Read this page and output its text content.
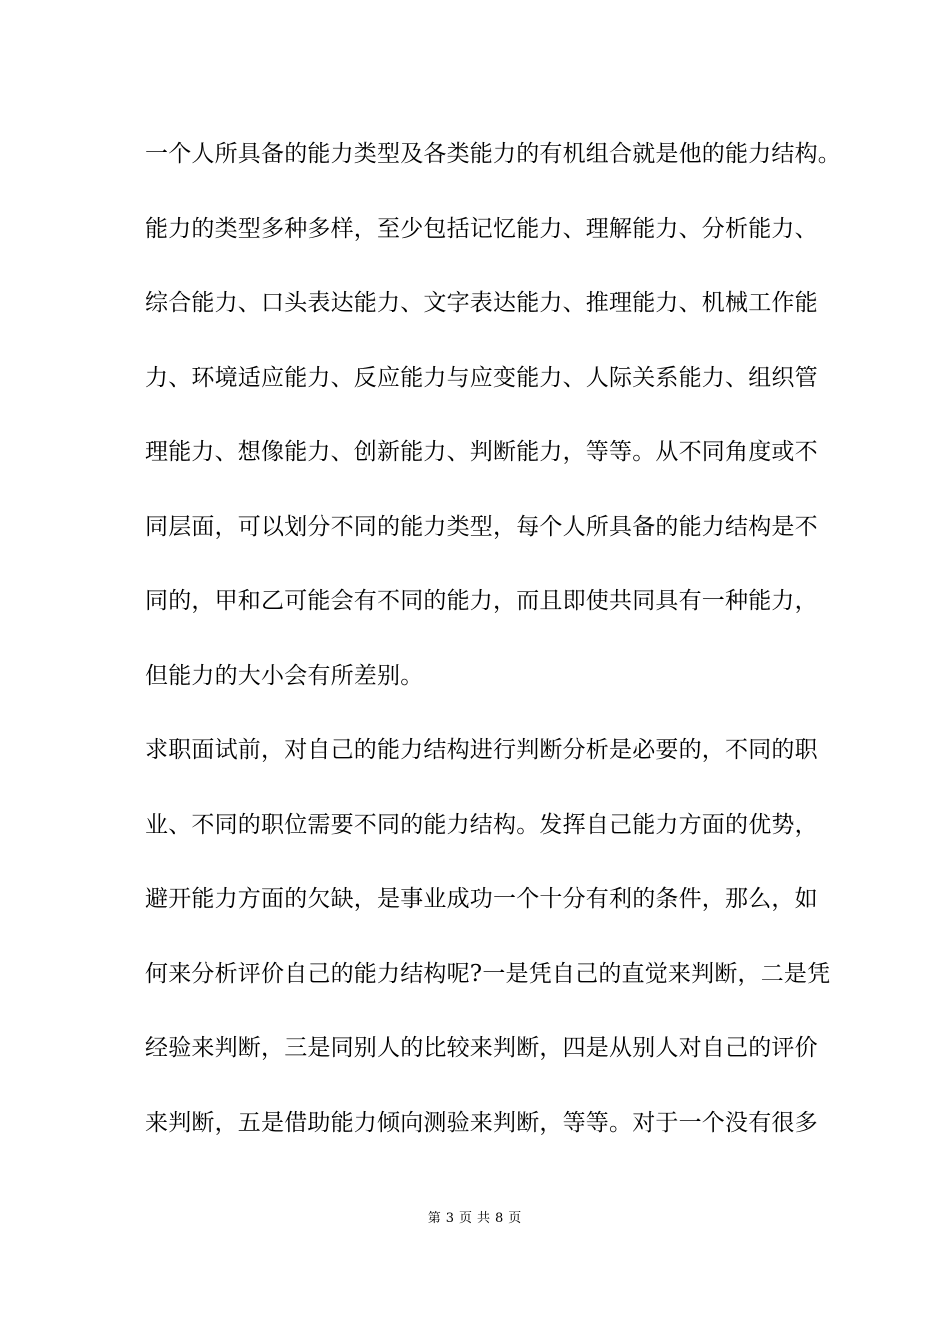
一个人所具备的能力类型及各类能力的有机组合就是他的能力结构。
能力的类型多种多样，至少包括记忆能力、理解能力、分析能力、
综合能力、口头表达能力、文字表达能力、推理能力、机械工作能
力、环境适应能力、反应能力与应变能力、人际关系能力、组织管
理能力、想像能力、创新能力、判断能力，等等。从不同角度或不
同层面，可以划分不同的能力类型，每个人所具备的能力结构是不
同的，甲和乙可能会有不同的能力，而且即使共同具有一种能力，
但能力的大小会有所差别。
求职面试前，对自己的能力结构进行判断分析是必要的，不同的职
业、不同的职位需要不同的能力结构。发挥自己能力方面的优势，
避开能力方面的欠缺，是事业成功一个十分有利的条件，那么，如
何来分析评价自己的能力结构呢?一是凭自己的直觉来判断，二是凭
经验来判断，三是同别人的比较来判断，四是从别人对自己的评价
来判断，五是借助能力倾向测验来判断，等等。对于一个没有很多
第 3 页 共 8 页
